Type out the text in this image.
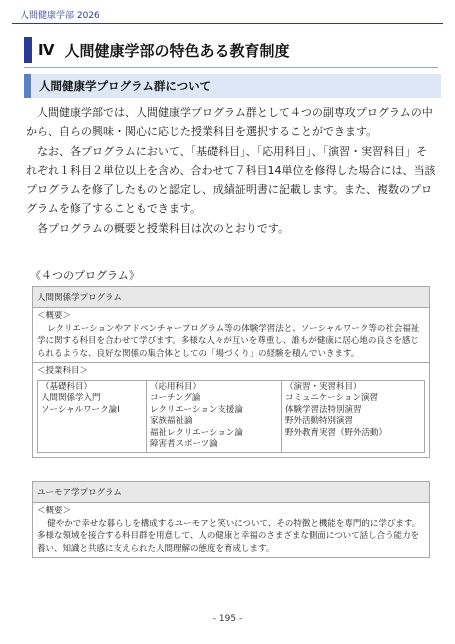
人間健康学部 2026
Ⅳ 人間健康学部の特色ある教育制度
人間健康学プログラム群について

人間健康学部では、人間健康学プログラム群として４つの副専攻プログラムの中から、自らの興味・関心に応じた授業科目を選択することができます。

なお、各プログラムにおいて、「基礎科目」、「応用科目」、「演習・実習科目」それぞれ１科目２単位以上を含め、合わせて７科目14単位を修得した場合には、当該プログラムを修了したものと認定し、成績証明書に記載します。また、複数のプログラムを修了することもできます。

各プログラムの概要と授業科目は次のとおりです。

《４つのプログラム》
人間関係学プログラム
＜概要＞
レクリエーションやアドベンチャープログラム等の体験学習法と、ソーシャルワーク等の社会福祉学に関する科目を合わせて学びます。多様な人々が互いを尊重し、誰もが健康に居心地の良さを感じられるような、良好な関係の集合体としての「場づくり」の経験を積んでいきます。
＜授業科目＞
（基礎科目）
人間関係学入門
ソーシャルワーク論Ⅰ
（応用科目）
コーチング論
レクリエーション支援論
家族福祉論
福祉レクリエーション論
障害者スポーツ論
（演習・実習科目）
コミュニケーション演習
体験学習法特別演習
野外活動特別演習
野外教育実習（野外活動）
ユーモア学プログラム
＜概要＞
健やかで幸せな暮らしを構成するユーモアと笑いについて、その特徴と機能を専門的に学びます。多様な領域を接合する科目群を用意して、人の健康と幸福のさまざまな側面について話し合う能力を養い、知識と共感に支えられた人間理解の態度を育成します。
- 195 -
